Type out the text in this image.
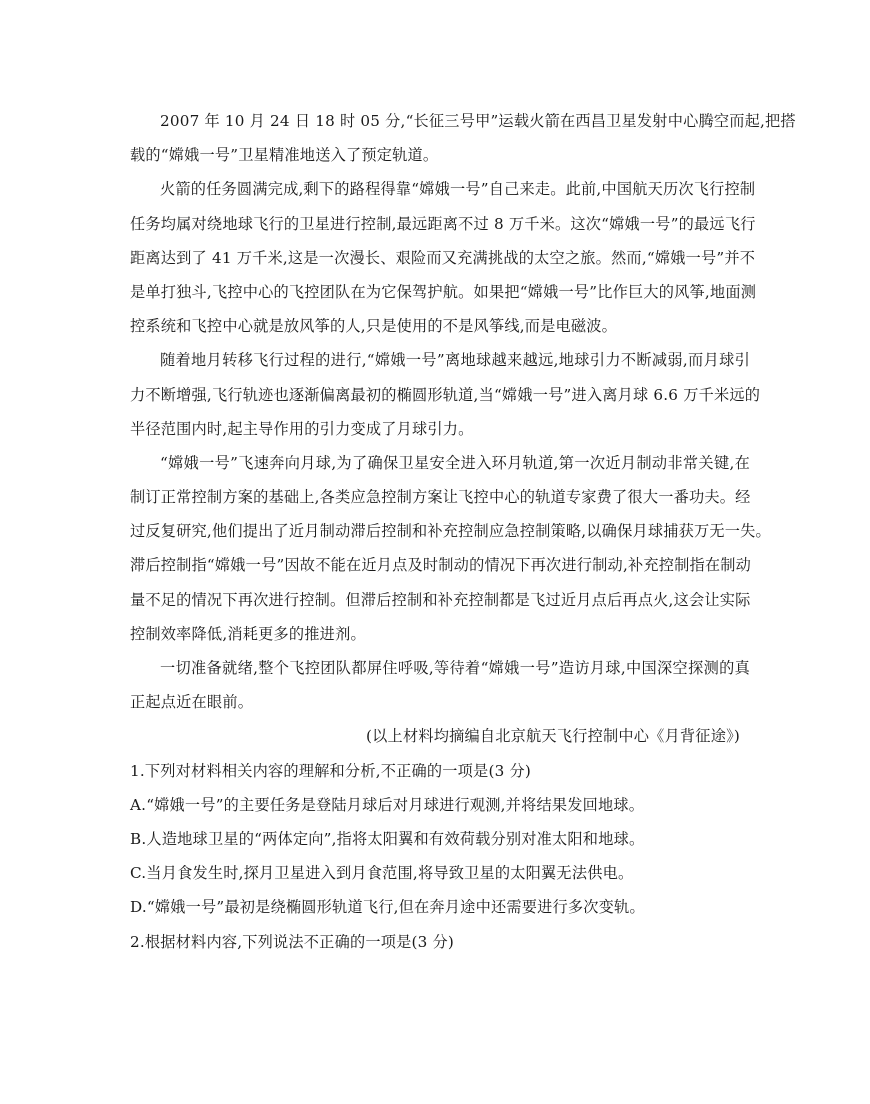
2007 年 10 月 24 日 18 时 05 分,“长征三号甲”运载火箭在西昌卫星发射中心腾空而起,把搭
载的“嫦娥一号”卫星精准地送入了预定轨道。
火箭的任务圆满完成,剩下的路程得靠“嫦娥一号”自己来走。此前,中国航天历次飞行控制
任务均属对绕地球飞行的卫星进行控制,最远距离不过 8 万千米。这次“嫦娥一号”的最远飞行
距离达到了 41 万千米,这是一次漫长、艰险而又充满挑战的太空之旅。然而,“嫦娥一号”并不
是单打独斗,飞控中心的飞控团队在为它保驾护航。如果把“嫦娥一号”比作巨大的风筝,地面测
控系统和飞控中心就是放风筝的人,只是使用的不是风筝线,而是电磁波。
随着地月转移飞行过程的进行,“嫦娥一号”离地球越来越远,地球引力不断减弱,而月球引
力不断增强,飞行轨迹也逐渐偏离最初的椭圆形轨道,当“嫦娥一号”进入离月球 6.6 万千米远的
半径范围内时,起主导作用的引力变成了月球引力。
“嫦娥一号”飞速奔向月球,为了确保卫星安全进入环月轨道,第一次近月制动非常关键,在
制订正常控制方案的基础上,各类应急控制方案让飞控中心的轨道专家费了很大一番功夫。经
过反复研究,他们提出了近月制动滞后控制和补充控制应急控制策略,以确保月球捕获万无一失。
滞后控制指“嫦娥一号”因故不能在近月点及时制动的情况下再次进行制动,补充控制指在制动
量不足的情况下再次进行控制。但滞后控制和补充控制都是飞过近月点后再点火,这会让实际
控制效率降低,消耗更多的推进剂。
一切准备就绪,整个飞控团队都屏住呼吸,等待着“嫦娥一号”造访月球,中国深空探测的真
正起点近在眼前。
(以上材料均摘编自北京航天飞行控制中心《月背征途》)
1.下列对材料相关内容的理解和分析,不正确的一项是(3 分)
A.“嫦娥一号”的主要任务是登陆月球后对月球进行观测,并将结果发回地球。
B.人造地球卫星的“两体定向”,指将太阳翼和有效荷载分别对准太阳和地球。
C.当月食发生时,探月卫星进入到月食范围,将导致卫星的太阳翼无法供电。
D.“嫦娥一号”最初是绕椭圆形轨道飞行,但在奔月途中还需要进行多次变轨。
2.根据材料内容,下列说法不正确的一项是(3 分)
